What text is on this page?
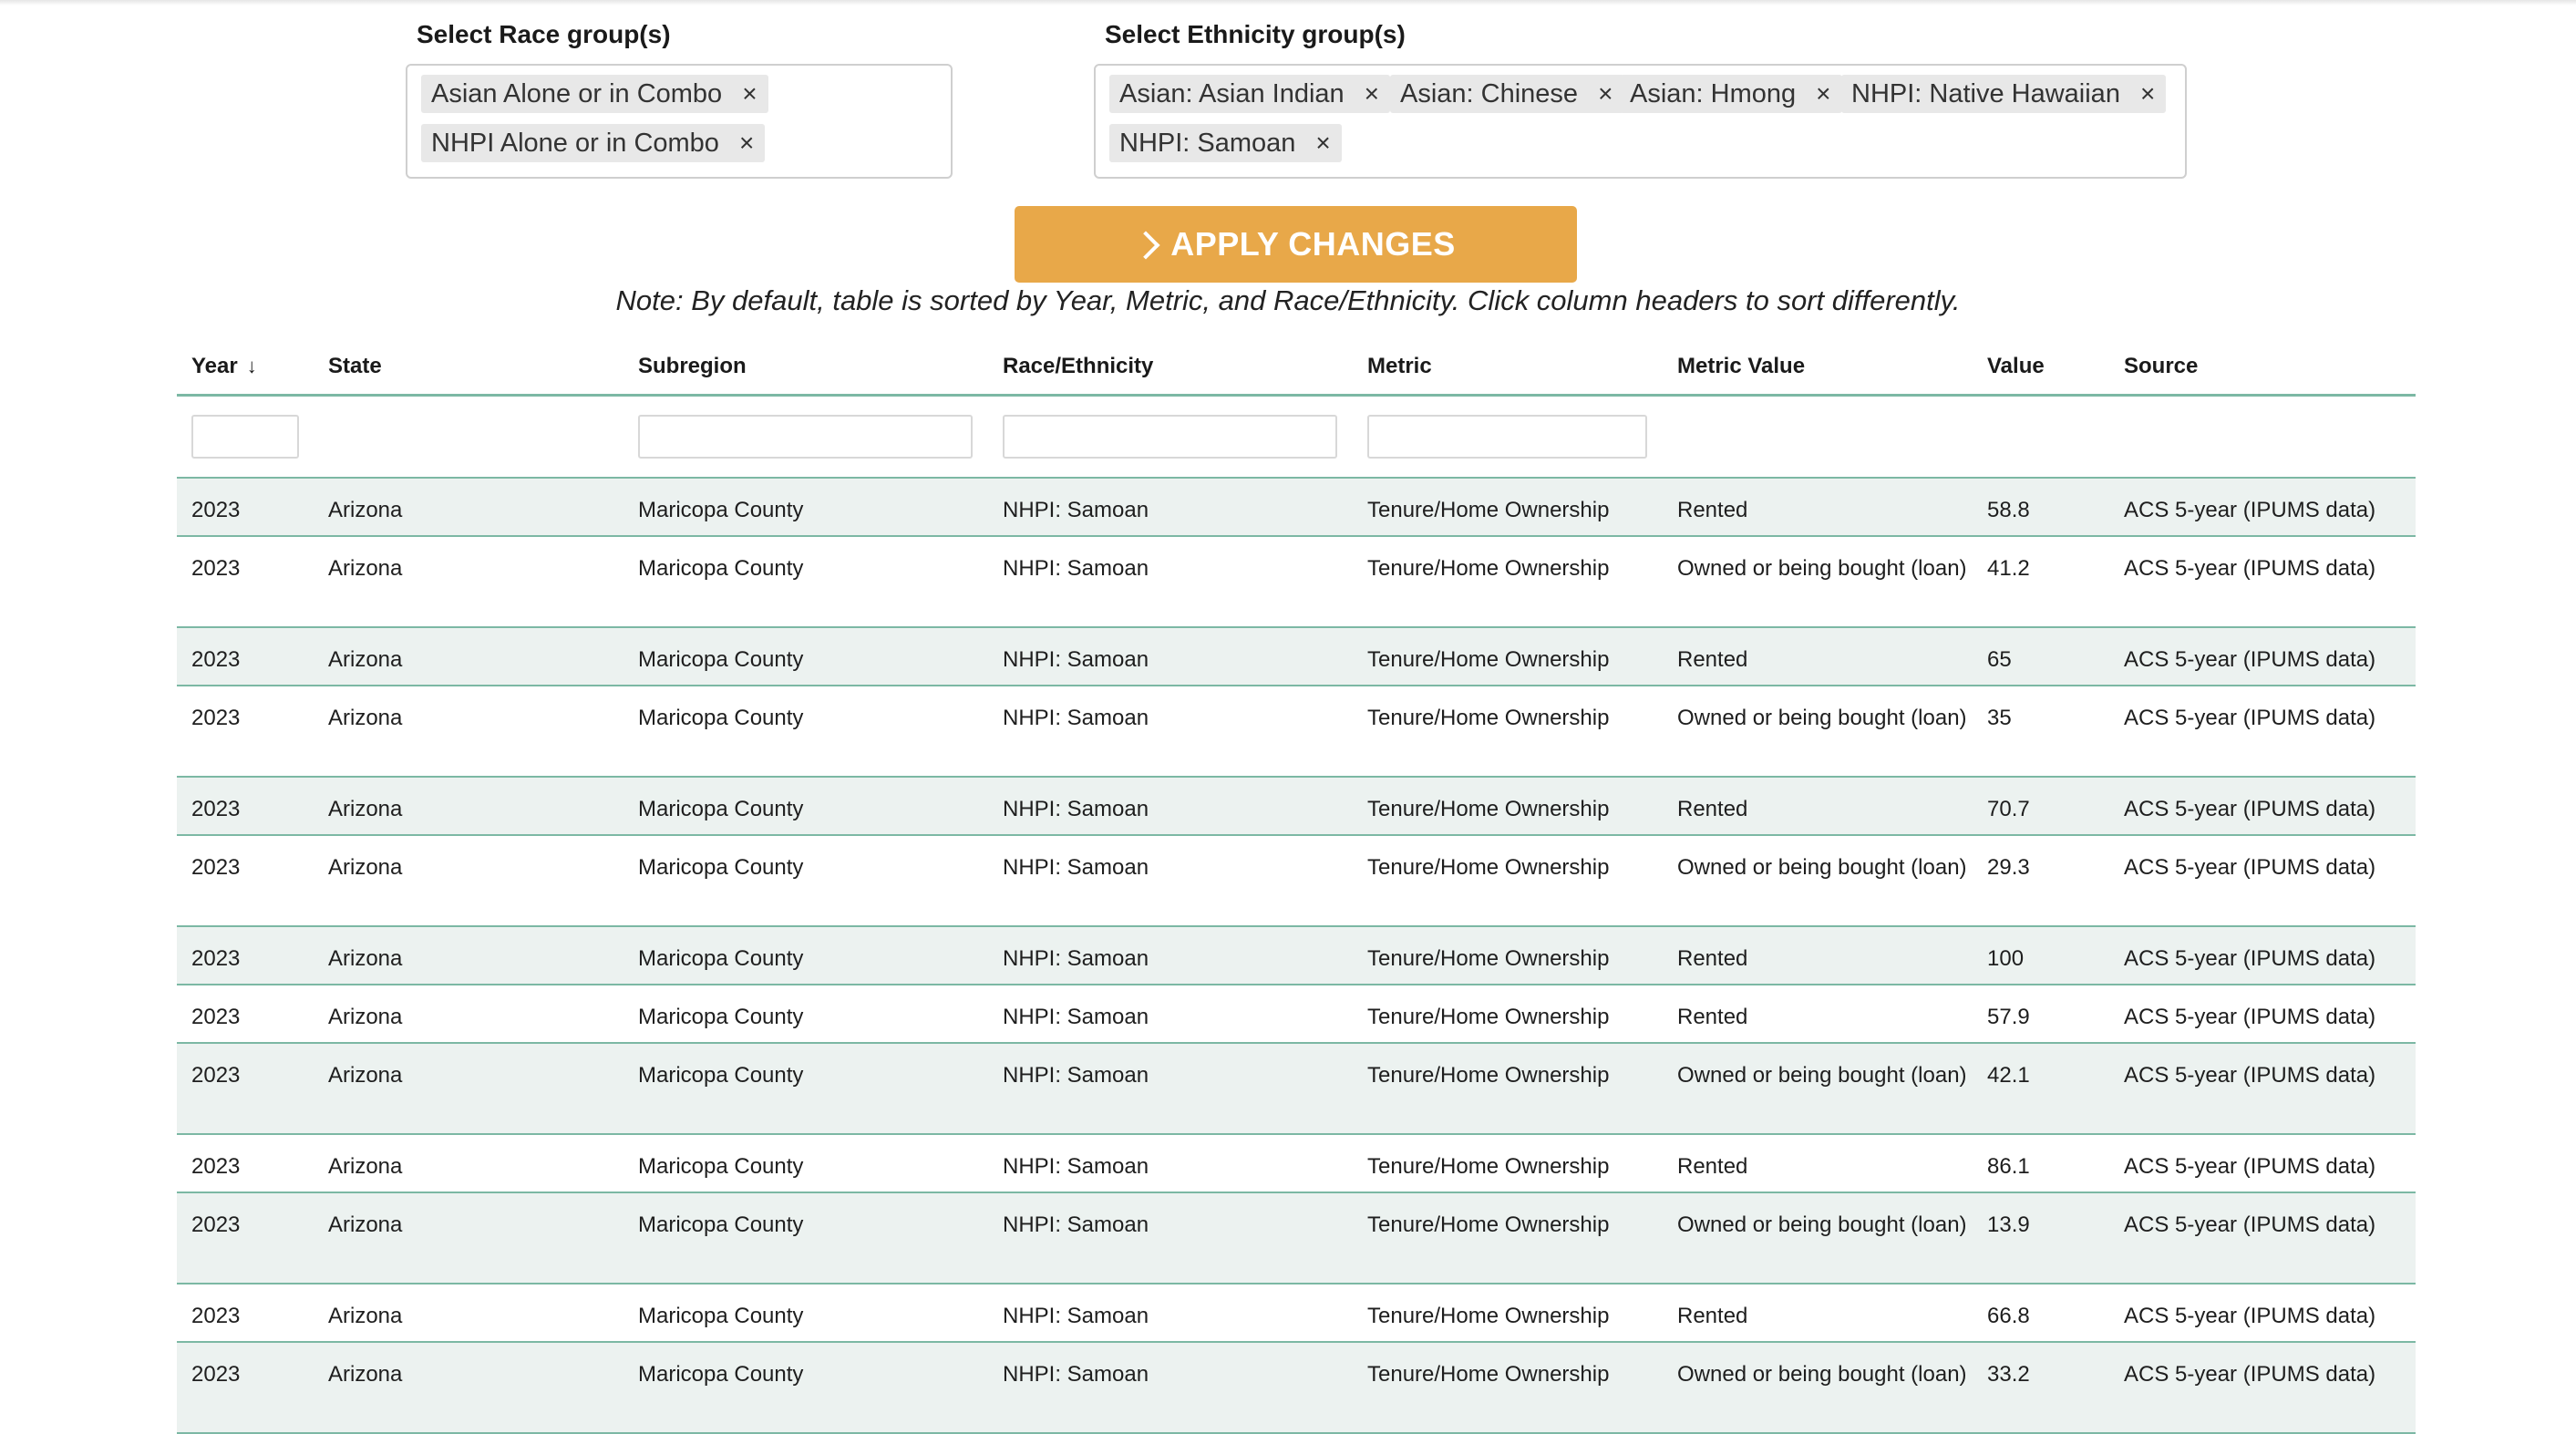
Select Race group(s)
Asian Alone or in Combo ×
NHPI Alone or in Combo ×
Select Ethnicity group(s)
Asian: Asian Indian × Asian: Chinese × Asian: Hmong × NHPI: Native Hawaiian ×
NHPI: Samoan ×
APPLY CHANGES
Note: By default, table is sorted by Year, Metric, and Race/Ethnicity. Click column headers to sort differently.
Year ↓	State	Subregion	Race/Ethnicity	Metric	Metric Value	Value	Source

2023	Arizona	Maricopa County	NHPI: Samoan	Tenure/Home Ownership	Rented	58.8	ACS 5-year (IPUMS data)
2023	Arizona	Maricopa County	NHPI: Samoan	Tenure/Home Ownership	Owned or being bought (loan)	41.2	ACS 5-year (IPUMS data)
2023	Arizona	Maricopa County	NHPI: Samoan	Tenure/Home Ownership	Rented	65	ACS 5-year (IPUMS data)
2023	Arizona	Maricopa County	NHPI: Samoan	Tenure/Home Ownership	Owned or being bought (loan)	35	ACS 5-year (IPUMS data)
2023	Arizona	Maricopa County	NHPI: Samoan	Tenure/Home Ownership	Rented	70.7	ACS 5-year (IPUMS data)
2023	Arizona	Maricopa County	NHPI: Samoan	Tenure/Home Ownership	Owned or being bought (loan)	29.3	ACS 5-year (IPUMS data)
2023	Arizona	Maricopa County	NHPI: Samoan	Tenure/Home Ownership	Rented	100	ACS 5-year (IPUMS data)
2023	Arizona	Maricopa County	NHPI: Samoan	Tenure/Home Ownership	Rented	57.9	ACS 5-year (IPUMS data)
2023	Arizona	Maricopa County	NHPI: Samoan	Tenure/Home Ownership	Owned or being bought (loan)	42.1	ACS 5-year (IPUMS data)
2023	Arizona	Maricopa County	NHPI: Samoan	Tenure/Home Ownership	Rented	86.1	ACS 5-year (IPUMS data)
2023	Arizona	Maricopa County	NHPI: Samoan	Tenure/Home Ownership	Owned or being bought (loan)	13.9	ACS 5-year (IPUMS data)
2023	Arizona	Maricopa County	NHPI: Samoan	Tenure/Home Ownership	Rented	66.8	ACS 5-year (IPUMS data)
2023	Arizona	Maricopa County	NHPI: Samoan	Tenure/Home Ownership	Owned or being bought (loan)	33.2	ACS 5-year (IPUMS data)
